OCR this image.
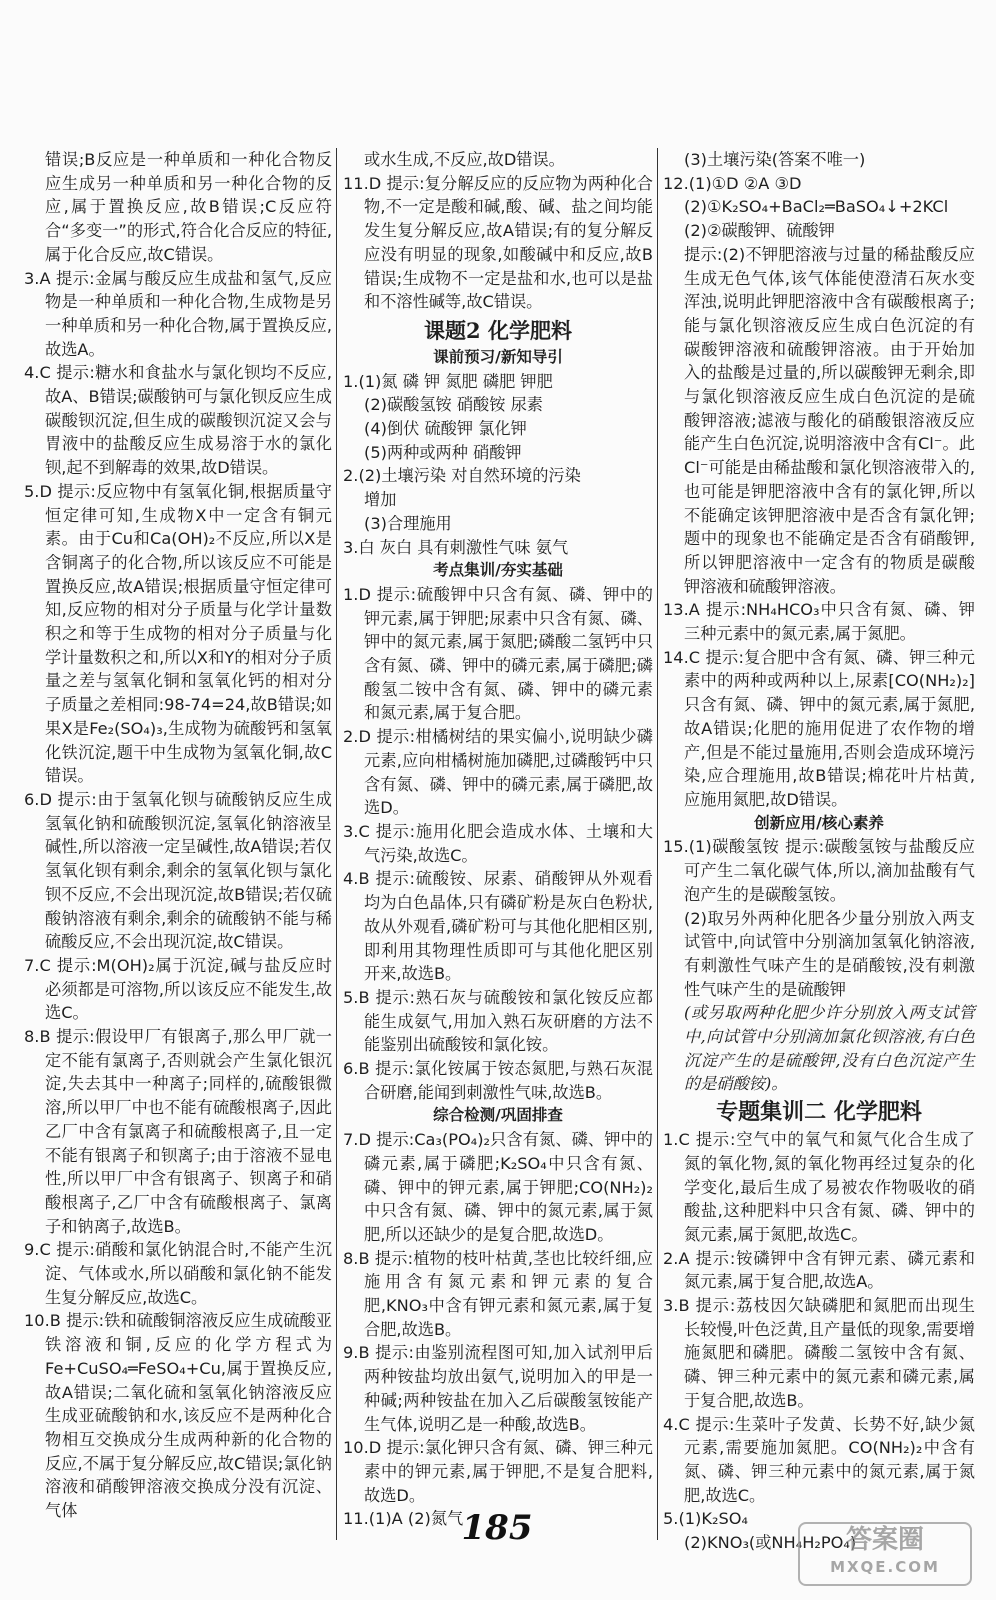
错误;B反应是一种单质和一种化合物反应生成另一种单质和另一种化合物的反应,属于置换反应,故B错误;C反应符合“多变一”的形式,符合化合反应的特征,属于化合反应,故C错误。

3.A 提示:金属与酸反应生成盐和氢气,反应物是一种单质和一种化合物,生成物是另一种单质和另一种化合物,属于置换反应,故选A。

4.C 提示:糖水和食盐水与氯化钡均不反应,故A、B错误;碳酸钠可与氯化钡反应生成碳酸钡沉淀,但生成的碳酸钡沉淀又会与胃液中的盐酸反应生成易溶于水的氯化钡,起不到解毒的效果,故D错误。

5.D 提示:反应物中有氢氧化铜,根据质量守恒定律可知,生成物X中一定含有铜元素。由于Cu和Ca(OH)₂不反应,所以X是含铜离子的化合物,所以该反应不可能是置换反应,故A错误;根据质量守恒定律可知,反应物的相对分子质量与化学计量数积之和等于生成物的相对分子质量与化学计量数积之和,所以X和Y的相对分子质量之差与氢氧化铜和氢氧化钙的相对分子质量之差相同:98-74=24,故B错误;如果X是Fe₂(SO₄)₃,生成物为硫酸钙和氢氧化铁沉淀,题干中生成物为氢氧化铜,故C错误。

6.D 提示:由于氢氧化钡与硫酸钠反应生成氢氧化钠和硫酸钡沉淀,氢氧化钠溶液呈碱性,所以溶液一定呈碱性,故A错误;若仅氢氧化钡有剩余,剩余的氢氧化钡与氯化钡不反应,不会出现沉淀,故B错误;若仅硫酸钠溶液有剩余,剩余的硫酸钠不能与稀硫酸反应,不会出现沉淀,故C错误。

7.C 提示:M(OH)₂属于沉淀,碱与盐反应时必须都是可溶物,所以该反应不能发生,故选C。

8.B 提示:假设甲厂有银离子,那么甲厂就一定不能有氯离子,否则就会产生氯化银沉淀,失去其中一种离子;同样的,硫酸银微溶,所以甲厂中也不能有硫酸根离子,因此乙厂中含有氯离子和硫酸根离子,且一定不能有银离子和钡离子;由于溶液不显电性,所以甲厂中含有银离子、钡离子和硝酸根离子,乙厂中含有硫酸根离子、氯离子和钠离子,故选B。

9.C 提示:硝酸和氯化钠混合时,不能产生沉淀、气体或水,所以硝酸和氯化钠不能发生复分解反应,故选C。

10.B 提示:铁和硫酸铜溶液反应生成硫酸亚铁溶液和铜,反应的化学方程式为Fe+CuSO₄═FeSO₄+Cu,属于置换反应,故A错误;二氧化硫和氢氧化钠溶液反应生成亚硫酸钠和水,该反应不是两种化合物相互交换成分生成两种新的化合物的反应,不属于复分解反应,故C错误;氯化钠溶液和硝酸钾溶液交换成分没有沉淀、气体

或水生成,不反应,故D错误。

11.D 提示:复分解反应的反应物为两种化合物,不一定是酸和碱,酸、碱、盐之间均能发生复分解反应,故A错误;有的复分解反应没有明显的现象,如酸碱中和反应,故B错误;生成物不一定是盐和水,也可以是盐和不溶性碱等,故C错误。

课题2 化学肥料

课前预习/新知导引

1.(1)氮 磷 钾 氮肥 磷肥 钾肥

(2)碳酸氢铵 硝酸铵 尿素

(4)倒伏 硫酸钾 氯化钾

(5)两种或两种 硝酸钾

2.(2)土壤污染 对自然环境的污染

增加

(3)合理施用

3.白 灰白 具有刺激性气味 氨气

考点集训/夯实基础

1.D 提示:硫酸钾中只含有氮、磷、钾中的钾元素,属于钾肥;尿素中只含有氮、磷、钾中的氮元素,属于氮肥;磷酸二氢钙中只含有氮、磷、钾中的磷元素,属于磷肥;磷酸氢二铵中含有氮、磷、钾中的磷元素和氮元素,属于复合肥。

2.D 提示:柑橘树结的果实偏小,说明缺少磷元素,应向柑橘树施加磷肥,过磷酸钙中只含有氮、磷、钾中的磷元素,属于磷肥,故选D。

3.C 提示:施用化肥会造成水体、土壤和大气污染,故选C。

4.B 提示:硫酸铵、尿素、硝酸钾从外观看均为白色晶体,只有磷矿粉是灰白色粉状,故从外观看,磷矿粉可与其他化肥相区别,即利用其物理性质即可与其他化肥区别开来,故选B。

5.B 提示:熟石灰与硫酸铵和氯化铵反应都能生成氨气,用加入熟石灰研磨的方法不能鉴别出硫酸铵和氯化铵。

6.B 提示:氯化铵属于铵态氮肥,与熟石灰混合研磨,能闻到刺激性气味,故选B。

综合检测/巩固排查

7.D 提示:Ca₃(PO₄)₂只含有氮、磷、钾中的磷元素,属于磷肥;K₂SO₄中只含有氮、磷、钾中的钾元素,属于钾肥;CO(NH₂)₂中只含有氮、磷、钾中的氮元素,属于氮肥,所以还缺少的是复合肥,故选D。

8.B 提示:植物的枝叶枯黄,茎也比较纤细,应施用含有氮元素和钾元素的复合肥,KNO₃中含有钾元素和氮元素,属于复合肥,故选B。

9.B 提示:由鉴别流程图可知,加入试剂甲后两种铵盐均放出氨气,说明加入的甲是一种碱;两种铵盐在加入乙后碳酸氢铵能产生气体,说明乙是一种酸,故选B。

10.D 提示:氯化钾只含有氮、磷、钾三种元素中的钾元素,属于钾肥,不是复合肥料,故选D。

11.(1)A (2)氮气

(3)土壤污染(答案不唯一)

12.(1)①D ②A ③D

(2)①K₂SO₄+BaCl₂═BaSO₄↓+2KCl

(2)②碳酸钾、硫酸钾

提示:(2)不钾肥溶液与过量的稀盐酸反应生成无色气体,该气体能使澄清石灰水变浑浊,说明此钾肥溶液中含有碳酸根离子;能与氯化钡溶液反应生成白色沉淀的有碳酸钾溶液和硫酸钾溶液。由于开始加入的盐酸是过量的,所以碳酸钾无剩余,即与氯化钡溶液反应生成白色沉淀的是硫酸钾溶液;滤液与酸化的硝酸银溶液反应能产生白色沉淀,说明溶液中含有Cl⁻。此Cl⁻可能是由稀盐酸和氯化钡溶液带入的,也可能是钾肥溶液中含有的氯化钾,所以不能确定该钾肥溶液中是否含有氯化钾;题中的现象也不能确定是否含有硝酸钾,所以钾肥溶液中一定含有的物质是碳酸钾溶液和硫酸钾溶液。

13.A 提示:NH₄HCO₃中只含有氮、磷、钾三种元素中的氮元素,属于氮肥。

14.C 提示:复合肥中含有氮、磷、钾三种元素中的两种或两种以上,尿素[CO(NH₂)₂]只含有氮、磷、钾中的氮元素,属于氮肥,故A错误;化肥的施用促进了农作物的增产,但是不能过量施用,否则会造成环境污染,应合理施用,故B错误;棉花叶片枯黄,应施用氮肥,故D错误。

创新应用/核心素养

15.(1)碳酸氢铵 提示:碳酸氢铵与盐酸反应可产生二氧化碳气体,所以,滴加盐酸有气泡产生的是碳酸氢铵。

(2)取另外两种化肥各少量分别放入两支试管中,向试管中分别滴加氢氧化钠溶液,有刺激性气味产生的是硝酸铵,没有刺激性气味产生的是硫酸钾

(或另取两种化肥少许分别放入两支试管中,向试管中分别滴加氯化钡溶液,有白色沉淀产生的是硫酸钾,没有白色沉淀产生的是硝酸铵)。

专题集训二 化学肥料

1.C 提示:空气中的氧气和氮气化合生成了氮的氧化物,氮的氧化物再经过复杂的化学变化,最后生成了易被农作物吸收的硝酸盐,这种肥料中只含有氮、磷、钾中的氮元素,属于氮肥,故选C。

2.A 提示:铵磷钾中含有钾元素、磷元素和氮元素,属于复合肥,故选A。

3.B 提示:荔枝因欠缺磷肥和氮肥而出现生长较慢,叶色泛黄,且产量低的现象,需要增施氮肥和磷肥。磷酸二氢铵中含有氮、磷、钾三种元素中的氮元素和磷元素,属于复合肥,故选B。

4.C 提示:生菜叶子发黄、长势不好,缺少氮元素,需要施加氮肥。CO(NH₂)₂中含有氮、磷、钾三种元素中的氮元素,属于氮肥,故选C。

5.(1)K₂SO₄

(2)KNO₃(或NH₄H₂PO₄)

185	答案圈
MXQE.COM
